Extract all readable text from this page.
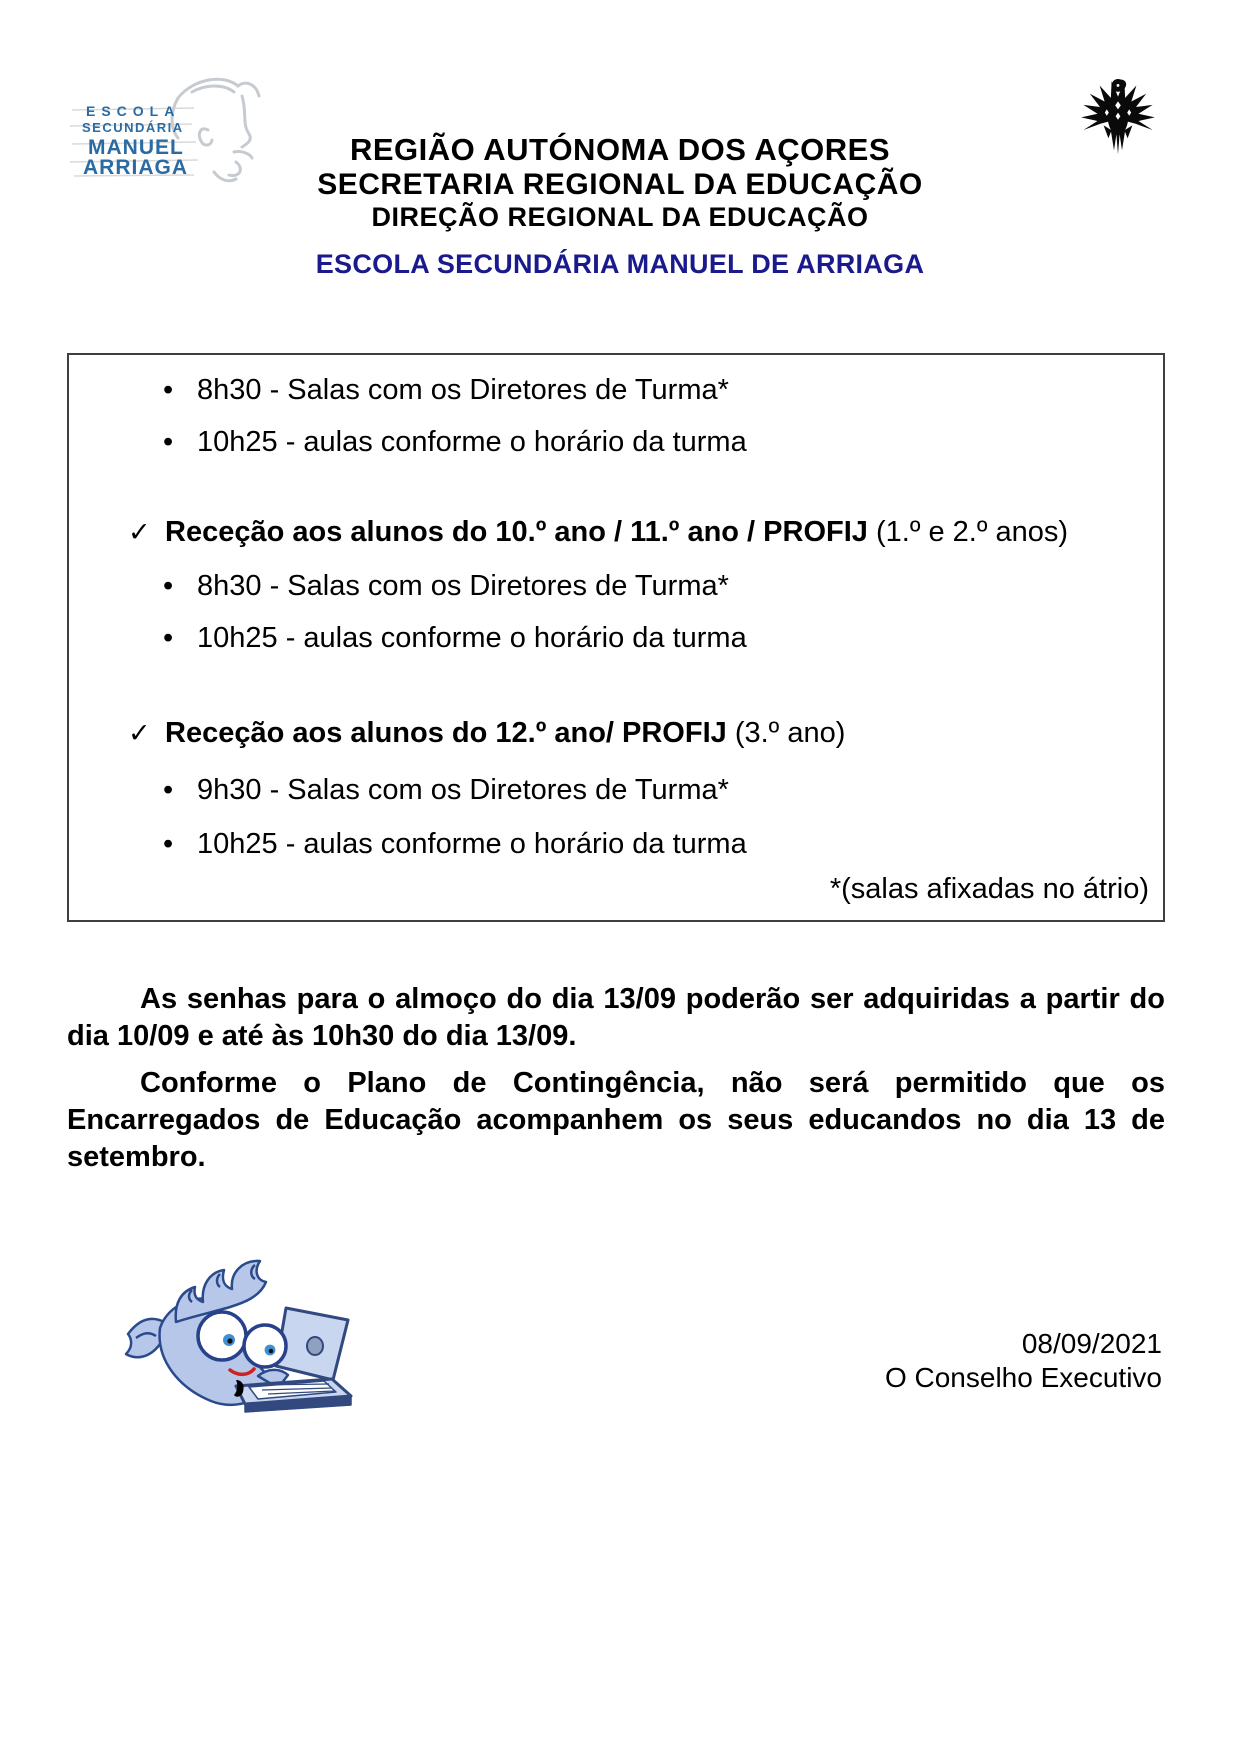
ESCOLA
SECUNDÁRIA
MANUEL
ARRIAGA
REGIÃO AUTÓNOMA DOS AÇORES
SECRETARIA REGIONAL DA EDUCAÇÃO
DIREÇÃO REGIONAL DA EDUCAÇÃO
ESCOLA SECUNDÁRIA MANUEL DE ARRIAGA
• 8h30 - Salas com os Diretores de Turma*
• 10h25 - aulas conforme o horário da turma
✓ Receção aos alunos do 10.º ano / 11.º ano / PROFIJ (1.º e 2.º anos)
• 8h30 - Salas com os Diretores de Turma*
• 10h25 - aulas conforme o horário da turma
✓ Receção aos alunos do 12.º ano/ PROFIJ (3.º ano)
• 9h30 - Salas com os Diretores de Turma*
• 10h25 - aulas conforme o horário da turma
*(salas afixadas no átrio)

As senhas para o almoço do dia 13/09 poderão ser adquiridas a partir do dia 10/09 e até às 10h30 do dia 13/09.

Conforme o Plano de Contingência, não será permitido que os Encarregados de Educação acompanhem os seus educandos no dia 13 de setembro.

08/09/2021
O Conselho Executivo
